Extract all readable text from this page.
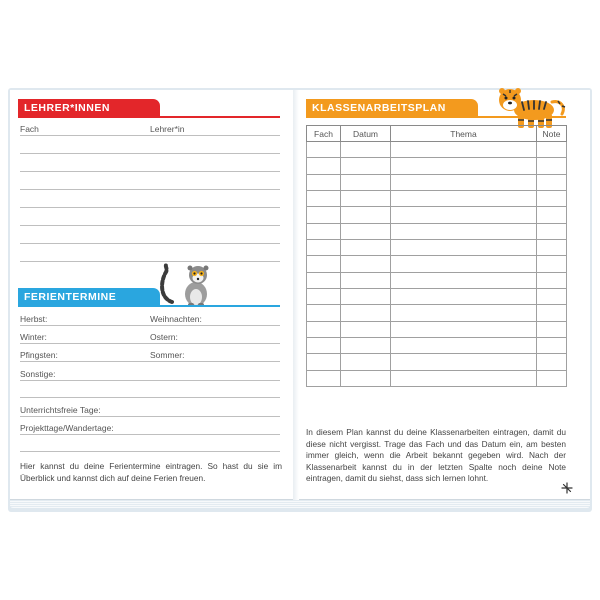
LEHRER*INNEN
Fach	Lehrer*in
FERIENTERMINE
Herbst:	Weihnachten:
Winter:	Ostern:
Pfingsten:	Sommer:
Sonstige:
Unterrichtsfreie Tage:
Projekttage/Wandertage:

Hier kannst du deine Ferientermine eintragen. So hast du sie im Überblick und kannst dich auf deine Ferien freuen.

KLASSENARBEITSPLAN
Fach	Datum	Thema	Note

In diesem Plan kannst du deine Klassenarbeiten eintragen, damit du diese nicht vergisst. Trage das Fach und das Datum ein, am besten immer gleich, wenn die Arbeit bekannt gegeben wird. Nach der Klassenarbeit kannst du in der letzten Spalte noch deine Note eintragen, damit du siehst, dass sich lernen lohnt.
